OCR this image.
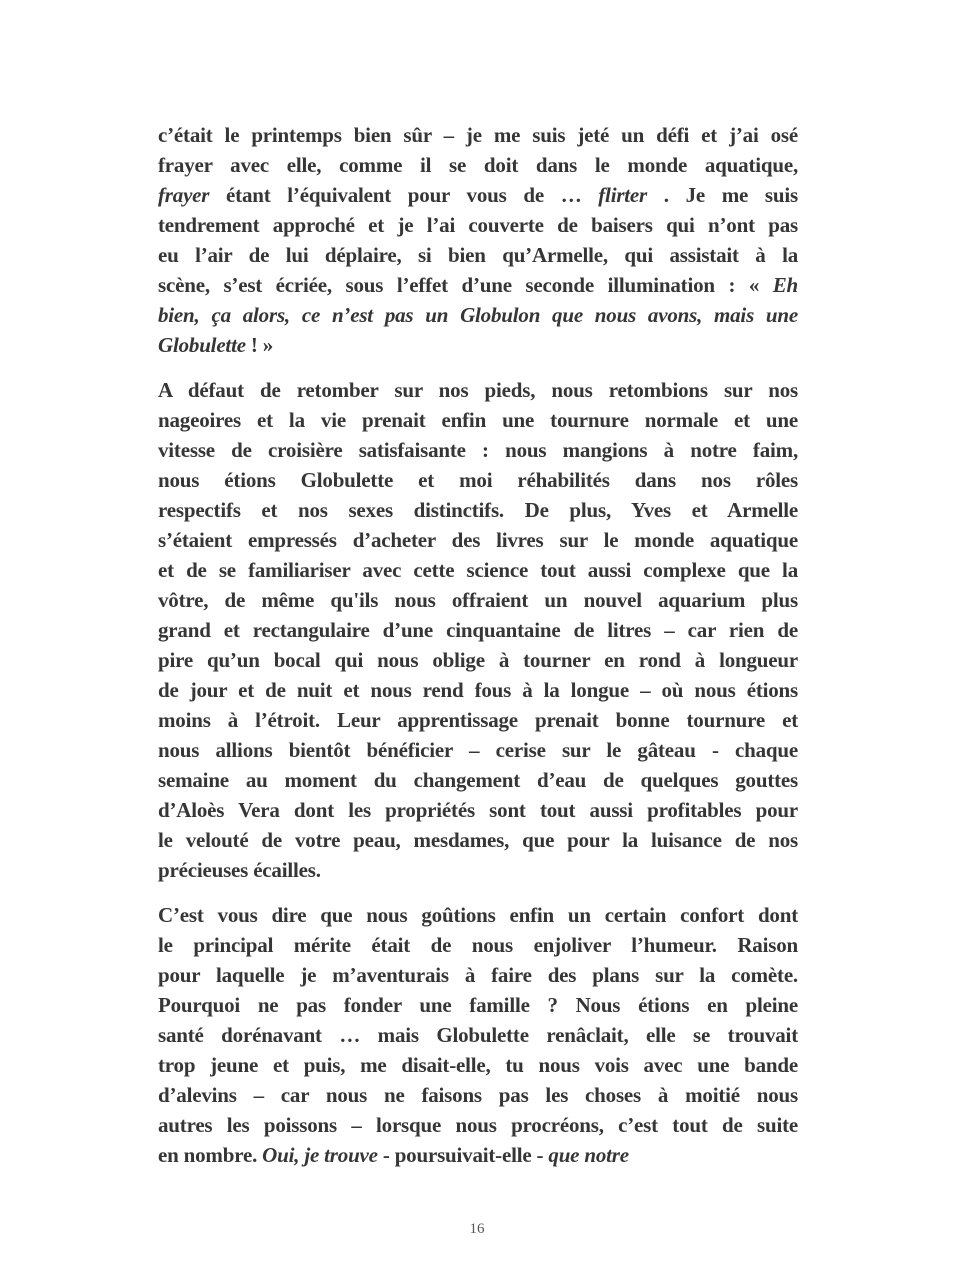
c’était le printemps bien sûr – je me suis jeté un défi et j’ai osé
frayer avec elle, comme il se doit dans le monde aquatique,
frayer étant l’équivalent pour vous de … flirter . Je me suis
tendrement approché et je l’ai couverte de baisers qui n’ont pas
eu l’air de lui déplaire, si bien qu’Armelle, qui assistait à la
scène, s’est écriée, sous l’effet d’une seconde illumination : « Eh
bien, ça alors, ce n’est pas un Globulon que nous avons, mais une
Globulette ! »
A défaut de retomber sur nos pieds, nous retombions sur nos
nageoires et la vie prenait enfin une tournure normale et une
vitesse de croisière satisfaisante : nous mangions à notre faim,
nous étions Globulette et moi réhabilités dans nos rôles
respectifs et nos sexes distinctifs. De plus, Yves et Armelle
s’étaient empressés d’acheter des livres sur le monde aquatique
et de se familiariser avec cette science tout aussi complexe que la
vôtre, de même qu'ils nous offraient un nouvel aquarium plus
grand et rectangulaire d’une cinquantaine de litres – car rien de
pire qu’un bocal qui nous oblige à tourner en rond à longueur
de jour et de nuit et nous rend fous à la longue – où nous étions
moins à l’étroit. Leur apprentissage prenait bonne tournure et
nous allions bientôt bénéficier – cerise sur le gâteau - chaque
semaine au moment du changement d’eau de quelques gouttes
d’Aloès Vera dont les propriétés sont tout aussi profitables pour
le velouté de votre peau, mesdames, que pour la luisance de nos
précieuses écailles.
C’est vous dire que nous goûtions enfin un certain confort dont
le principal mérite était de nous enjoliver l’humeur. Raison
pour laquelle je m’aventurais à faire des plans sur la comète.
Pourquoi ne pas fonder une famille ? Nous étions en pleine
santé dorénavant … mais Globulette renâclait, elle se trouvait
trop jeune et puis, me disait-elle, tu nous vois avec une bande
d’alevins – car nous ne faisons pas les choses à moitié nous
autres les poissons – lorsque nous procréons, c’est tout de suite
en nombre. Oui, je trouve - poursuivait-elle - que notre
16
